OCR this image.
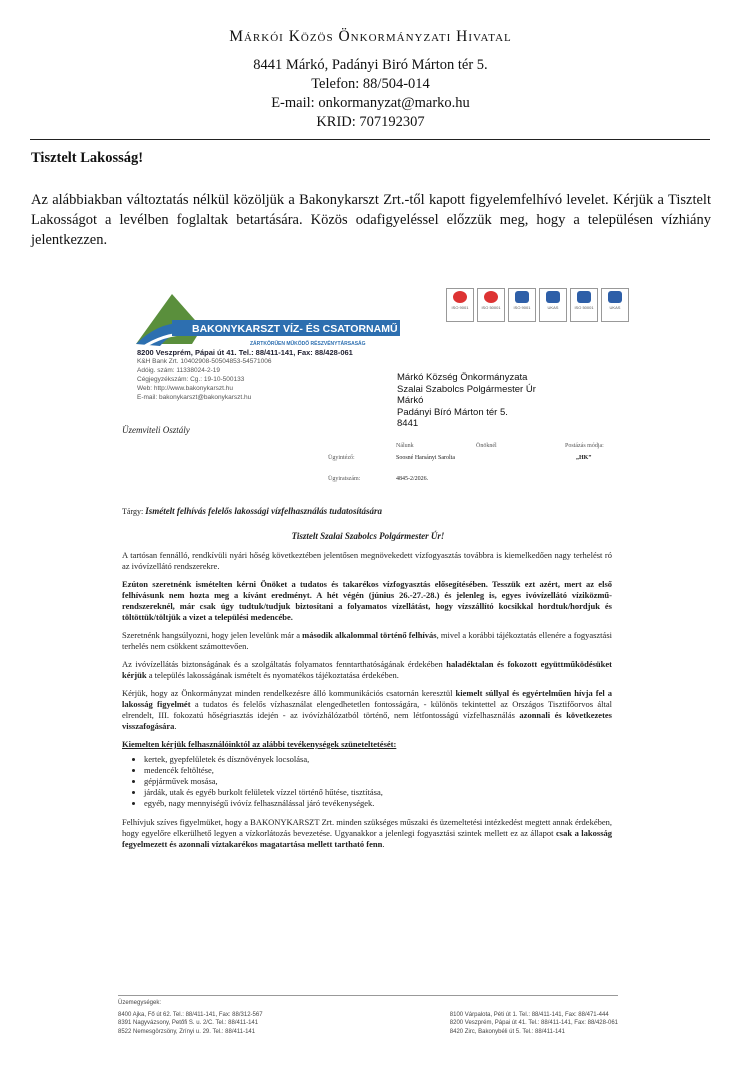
Márkói Közös Önkormányzati Hivatal
8441 Márkó, Padányi Biró Márton tér 5.
Telefon: 88/504-014
E-mail: onkormanyzat@marko.hu
KRID: 707192307
Tisztelt Lakosság!
Az alábbiakban változtatás nélkül közöljük a Bakonykarszt Zrt.-től kapott figyelemfelhívó levelet. Kérjük a Tisztelt Lakosságot a levélben foglaltak betartására. Közös odafigyeléssel előzzük meg, hogy a településen vízhiány jelentkezzen.
BAKONYKARSZT VÍZ- ÉS CSATORNAMŰ
ZÁRTKÖRŰEN MŰKÖDŐ RÉSZVÉNYTÁRSASÁG
ISO 9001	ISO 50001	ISO 9001	UKAS	ISO 50001	UKAS
8200 Veszprém, Pápai út 41. Tel.: 88/411-141, Fax: 88/428-061
K&H Bank Zrt. 10402908-50504853-54571006
Adóig. szám: 11338024-2-19
Cégjegyzékszám: Cg.: 19-10-500133
Web: http://www.bakonykarszt.hu
E-mail: bakonykarszt@bakonykarszt.hu
Márkó Község Önkormányzata
Szalai Szabolcs Polgármester Úr
Márkó
Padányi Bíró Márton tér 5.
8441
Üzemviteli Osztály
Nálunk	Önöknél	Postázás módja:
Ügyintéző:	Soosné Harsányi Sarolta	„HK”
Ügyiratszám:	4845-2/2026.
Tárgy: Ismételt felhívás felelős lakossági vízfelhasználás tudatosítására
Tisztelt Szalai Szabolcs Polgármester Úr!

A tartósan fennálló, rendkívüli nyári hőség következtében jelentősen megnövekedett vízfogyasztás továbbra is kiemelkedően nagy terhelést ró az ivóvízellátó rendszerekre.

Ezúton szeretnénk ismételten kérni Önöket a tudatos és takarékos vízfogyasztás elősegítésében. Tesszük ezt azért, mert az első felhívásunk nem hozta meg a kívánt eredményt. A hét végén (június 26.-27.-28.) és jelenleg is, egyes ivóvízellátó víziközmű-rendszereknél, már csak úgy tudtuk/tudjuk biztosítani a folyamatos vízellátást, hogy vízszállító kocsikkal hordtuk/hordjuk és töltöttük/töltjük a vizet a települési medencébe.

Szeretnénk hangsúlyozni, hogy jelen levelünk már a második alkalommal történő felhívás, mivel a korábbi tájékoztatás ellenére a fogyasztási terhelés nem csökkent számottevően.

Az ivóvízellátás biztonságának és a szolgáltatás folyamatos fenntarthatóságának érdekében haladéktalan és fokozott együttműködésüket kérjük a település lakosságának ismételt és nyomatékos tájékoztatása érdekében.

Kérjük, hogy az Önkormányzat minden rendelkezésre álló kommunikációs csatornán keresztül kiemelt súllyal és egyértelműen hívja fel a lakosság figyelmét a tudatos és felelős vízhasználat elengedhetetlen fontosságára, - különös tekintettel az Országos Tisztifőorvos által elrendelt, III. fokozatú hőségriasztás idején - az ivóvízhálózatból történő, nem létfontosságú vízfelhasználás azonnali és következetes visszafogására.

Kiemelten kérjük felhasználóinktól az alábbi tevékenységek szüneteltetését:
• kertek, gyepfelületek és dísznövények locsolása,
• medencék feltöltése,
• gépjárművek mosása,
• járdák, utak és egyéb burkolt felületek vízzel történő hűtése, tisztítása,
• egyéb, nagy mennyiségű ivóvíz felhasználással járó tevékenységek.

Felhívjuk szíves figyelmüket, hogy a BAKONYKARSZT Zrt. minden szükséges műszaki és üzemeltetési intézkedést megtett annak érdekében, hogy egyelőre elkerülhető legyen a vízkorlátozás bevezetése. Ugyanakkor a jelenlegi fogyasztási szintek mellett ez az állapot csak a lakosság fegyelmezett és azonnali víztakarékos magatartása mellett tartható fenn.

Üzemegységek:
8400 Ajka, Fő út 62. Tel.: 88/411-141, Fax: 88/312-567
8391 Nagyvázsony, Petőfi S. u. 2/C. Tel.: 88/411-141
8522 Nemesgörzsöny, Zrínyi u. 29. Tel.: 88/411-141
8100 Várpalota, Péti út 1. Tel.: 88/411-141, Fax: 88/471-444
8200 Veszprém, Pápai út 41. Tel.: 88/411-141, Fax: 88/428-061
8420 Zirc, Bakonybéli út 5. Tel.: 88/411-141
